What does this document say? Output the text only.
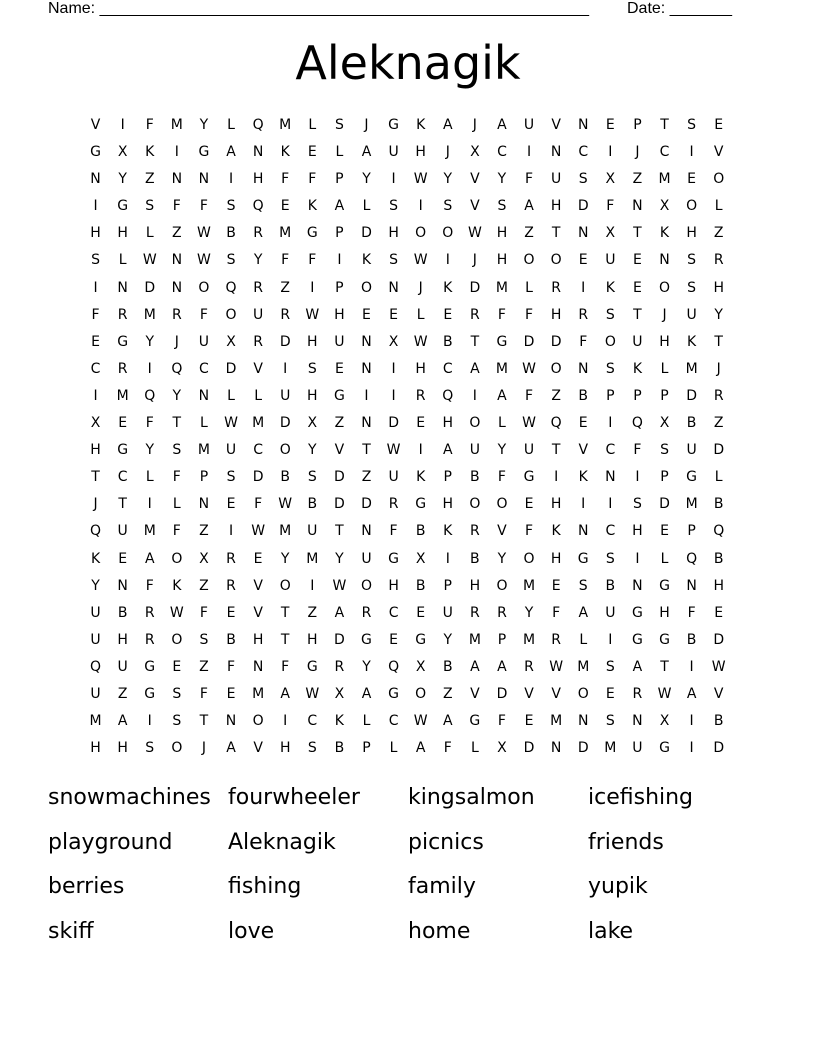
Name: _______________________________________________________ Date: _______
Aleknagik
V	I	F	M	Y	L	Q	M	L	S	J	G	K	A	J	A	U	V	N	E	P	T	S	E
G	X	K	I	G	A	N	K	E	L	A	U	H	J	X	C	I	N	C	I	J	C	I	V
N	Y	Z	N	N	I	H	F	F	P	Y	I	W	Y	V	Y	F	U	S	X	Z	M	E	O
I	G	S	F	F	S	Q	E	K	A	L	S	I	S	V	S	A	H	D	F	N	X	O	L
H	H	L	Z	W	B	R	M	G	P	D	H	O	O	W	H	Z	T	N	X	T	K	H	Z
S	L	W	N	W	S	Y	F	F	I	K	S	W	I	J	H	O	O	E	U	E	N	S	R
I	N	D	N	O	Q	R	Z	I	P	O	N	J	K	D	M	L	R	I	K	E	O	S	H
F	R	M	R	F	O	U	R	W	H	E	E	L	E	R	F	F	H	R	S	T	J	U	Y
E	G	Y	J	U	X	R	D	H	U	N	X	W	B	T	G	D	D	F	O	U	H	K	T
C	R	I	Q	C	D	V	I	S	E	N	I	H	C	A	M	W	O	N	S	K	L	M	J
I	M	Q	Y	N	L	L	U	H	G	I	I	R	Q	I	A	F	Z	B	P	P	P	D	R
X	E	F	T	L	W	M	D	X	Z	N	D	E	H	O	L	W	Q	E	I	Q	X	B	Z
H	G	Y	S	M	U	C	O	Y	V	T	W	I	A	U	Y	U	T	V	C	F	S	U	D
T	C	L	F	P	S	D	B	S	D	Z	U	K	P	B	F	G	I	K	N	I	P	G	L
J	T	I	L	N	E	F	W	B	D	D	R	G	H	O	O	E	H	I	I	S	D	M	B
Q	U	M	F	Z	I	W	M	U	T	N	F	B	K	R	V	F	K	N	C	H	E	P	Q
K	E	A	O	X	R	E	Y	M	Y	U	G	X	I	B	Y	O	H	G	S	I	L	Q	B
Y	N	F	K	Z	R	V	O	I	W	O	H	B	P	H	O	M	E	S	B	N	G	N	H
U	B	R	W	F	E	V	T	Z	A	R	C	E	U	R	R	Y	F	A	U	G	H	F	E
U	H	R	O	S	B	H	T	H	D	G	E	G	Y	M	P	M	R	L	I	G	G	B	D
Q	U	G	E	Z	F	N	F	G	R	Y	Q	X	B	A	A	R	W	M	S	A	T	I	W
U	Z	G	S	F	E	M	A	W	X	A	G	O	Z	V	D	V	V	O	E	R	W	A	V
M	A	I	S	T	N	O	I	C	K	L	C	W	A	G	F	E	M	N	S	N	X	I	B
H	H	S	O	J	A	V	H	S	B	P	L	A	F	L	X	D	N	D	M	U	G	I	D
snowmachines fourwheeler	kingsalmon	icefishing
playground	Aleknagik	picnics	friends
berries	fishing	family	yupik
skiff	love	home	lake
